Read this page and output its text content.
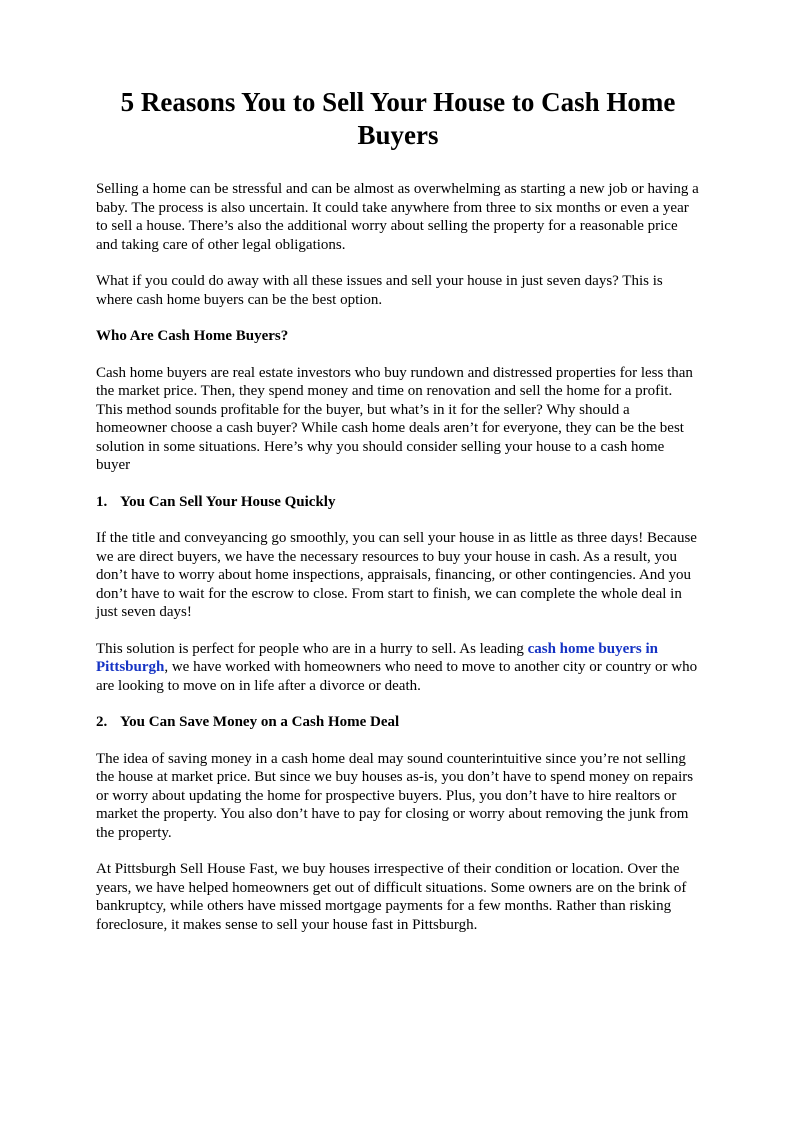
5 Reasons You to Sell Your House to Cash Home Buyers

Selling a home can be stressful and can be almost as overwhelming as starting a new job or having a baby. The process is also uncertain. It could take anywhere from three to six months or even a year to sell a house. There’s also the additional worry about selling the property for a reasonable price and taking care of other legal obligations.

What if you could do away with all these issues and sell your house in just seven days? This is where cash home buyers can be the best option.

Who Are Cash Home Buyers?

Cash home buyers are real estate investors who buy rundown and distressed properties for less than the market price. Then, they spend money and time on renovation and sell the home for a profit. This method sounds profitable for the buyer, but what’s in it for the seller? Why should a homeowner choose a cash buyer? While cash home deals aren’t for everyone, they can be the best solution in some situations. Here’s why you should consider selling your house to a cash home buyer

1. You Can Sell Your House Quickly

If the title and conveyancing go smoothly, you can sell your house in as little as three days! Because we are direct buyers, we have the necessary resources to buy your house in cash. As a result, you don’t have to worry about home inspections, appraisals, financing, or other contingencies. And you don’t have to wait for the escrow to close. From start to finish, we can complete the whole deal in just seven days!

This solution is perfect for people who are in a hurry to sell. As leading cash home buyers in Pittsburgh, we have worked with homeowners who need to move to another city or country or who are looking to move on in life after a divorce or death.

2. You Can Save Money on a Cash Home Deal

The idea of saving money in a cash home deal may sound counterintuitive since you’re not selling the house at market price. But since we buy houses as-is, you don’t have to spend money on repairs or worry about updating the home for prospective buyers. Plus, you don’t have to hire realtors or market the property. You also don’t have to pay for closing or worry about removing the junk from the property.

At Pittsburgh Sell House Fast, we buy houses irrespective of their condition or location. Over the years, we have helped homeowners get out of difficult situations. Some owners are on the brink of bankruptcy, while others have missed mortgage payments for a few months. Rather than risking foreclosure, it makes sense to sell your house fast in Pittsburgh.
